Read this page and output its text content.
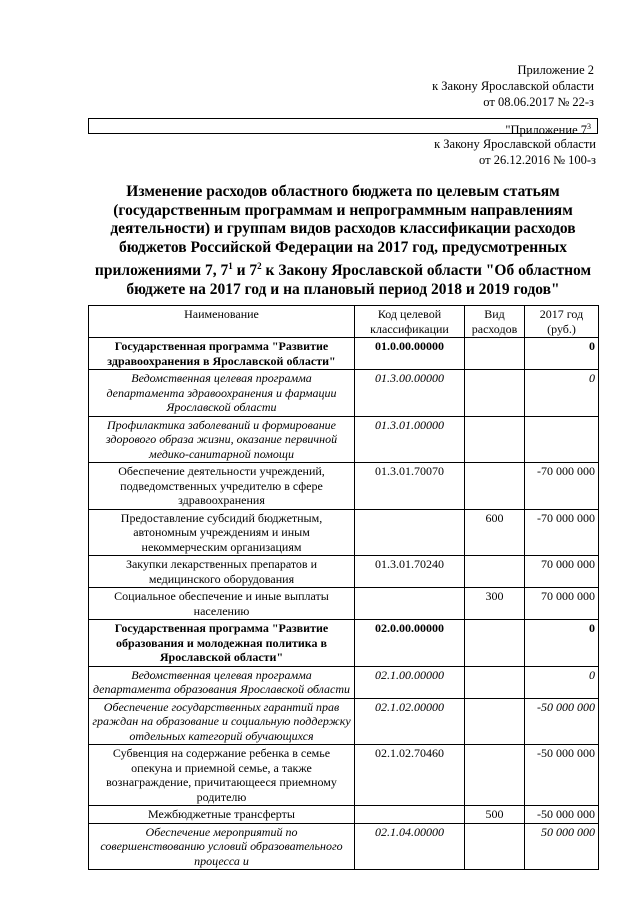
Приложение 2
к Закону Ярославской области
от 08.06.2017 № 22-з
"Приложение $7^3$
к Закону Ярославской области
от 26.12.2016 № 100-з
Изменение расходов областного бюджета по целевым статьям (государственным программам и непрограммным направлениям деятельности) и группам видов расходов классификации расходов бюджетов Российской Федерации на 2017 год, предусмотренных приложениями 7, $7^1$ и $7^2$ к Закону Ярославской области "Об областном бюджете на 2017 год и на плановый период 2018 и 2019 годов"
Наименование	Код целевой классификации	Вид расходов	2017 год (руб.)
Государственная программа "Развитие здравоохранения в Ярославской области"	01.0.00.00000		0
Ведомственная целевая программа департамента здравоохранения и фармации Ярославской области	01.3.00.00000		0
Профилактика заболеваний и формирование здорового образа жизни, оказание первичной медико-санитарной помощи	01.3.01.00000		
Обеспечение деятельности учреждений, подведомственных учредителю в сфере здравоохранения	01.3.01.70070		-70 000 000
Предоставление субсидий бюджетным, автономным учреждениям и иным некоммерческим организациям		600	-70 000 000
Закупки лекарственных препаратов и медицинского оборудования	01.3.01.70240		70 000 000
Социальное обеспечение и иные выплаты населению		300	70 000 000
Государственная программа "Развитие образования и молодежная политика в Ярославской области"	02.0.00.00000		0
Ведомственная целевая программа департамента образования Ярославской области	02.1.00.00000		0
Обеспечение государственных гарантий прав граждан на образование и социальную поддержку отдельных категорий обучающихся	02.1.02.00000		-50 000 000
Субвенция на содержание ребенка в семье опекуна и приемной семье, а также вознаграждение, причитающееся приемному родителю	02.1.02.70460		-50 000 000
Межбюджетные трансферты		500	-50 000 000
Обеспечение мероприятий по совершенствованию условий образовательного процесса и	02.1.04.00000		50 000 000
